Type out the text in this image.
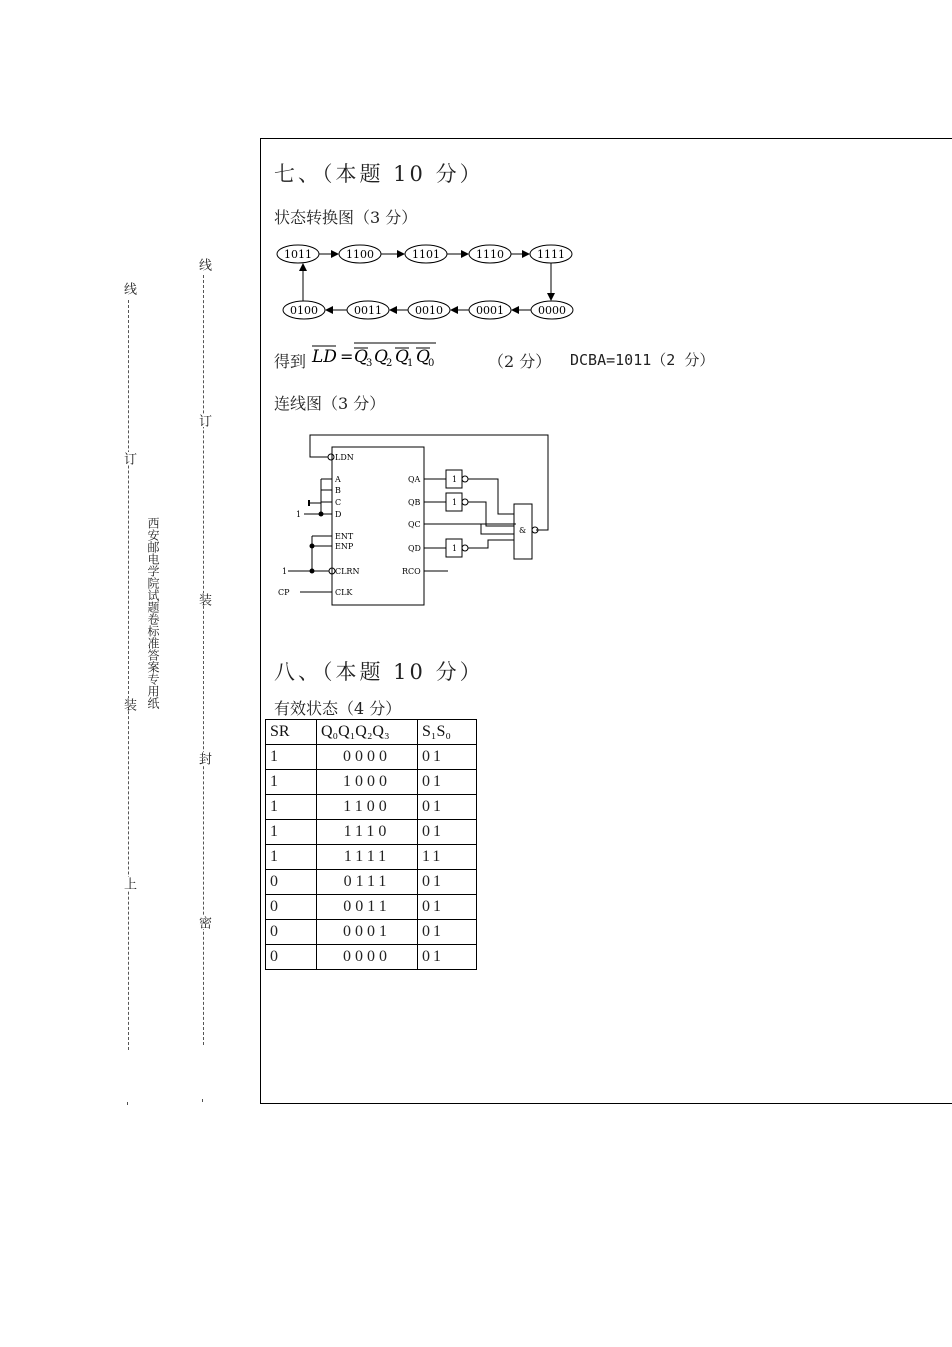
线
订
装
上
'
西安邮电学院试题卷标准答案专用纸
线
订
装
封
密
'
七、（本题 10 分）
状态转换图（3 分）
1011	1100	1101	1110	1111
0100	0011	0010	0001	0000
得到 LD = Q
3 Q
2 Q
1 Q
0	（2 分） DCBA=1011（2 分）
连线图（3 分）
LDN
A
B
C
D
ENT
ENP
CLRN
CLK
QA
QB
QC
QD
RCO
1
1
CP
1
1
1
&
八、（本题 10 分）
有效状态（4 分）
SR	Q₀Q₁Q₂Q₃	S₁S₀
1	0000	01
1	1000	01
1	1100	01
1	1110	01
1	1111	11
0	0111	01
0	0011	01
0	0001	01
0	0000	01
